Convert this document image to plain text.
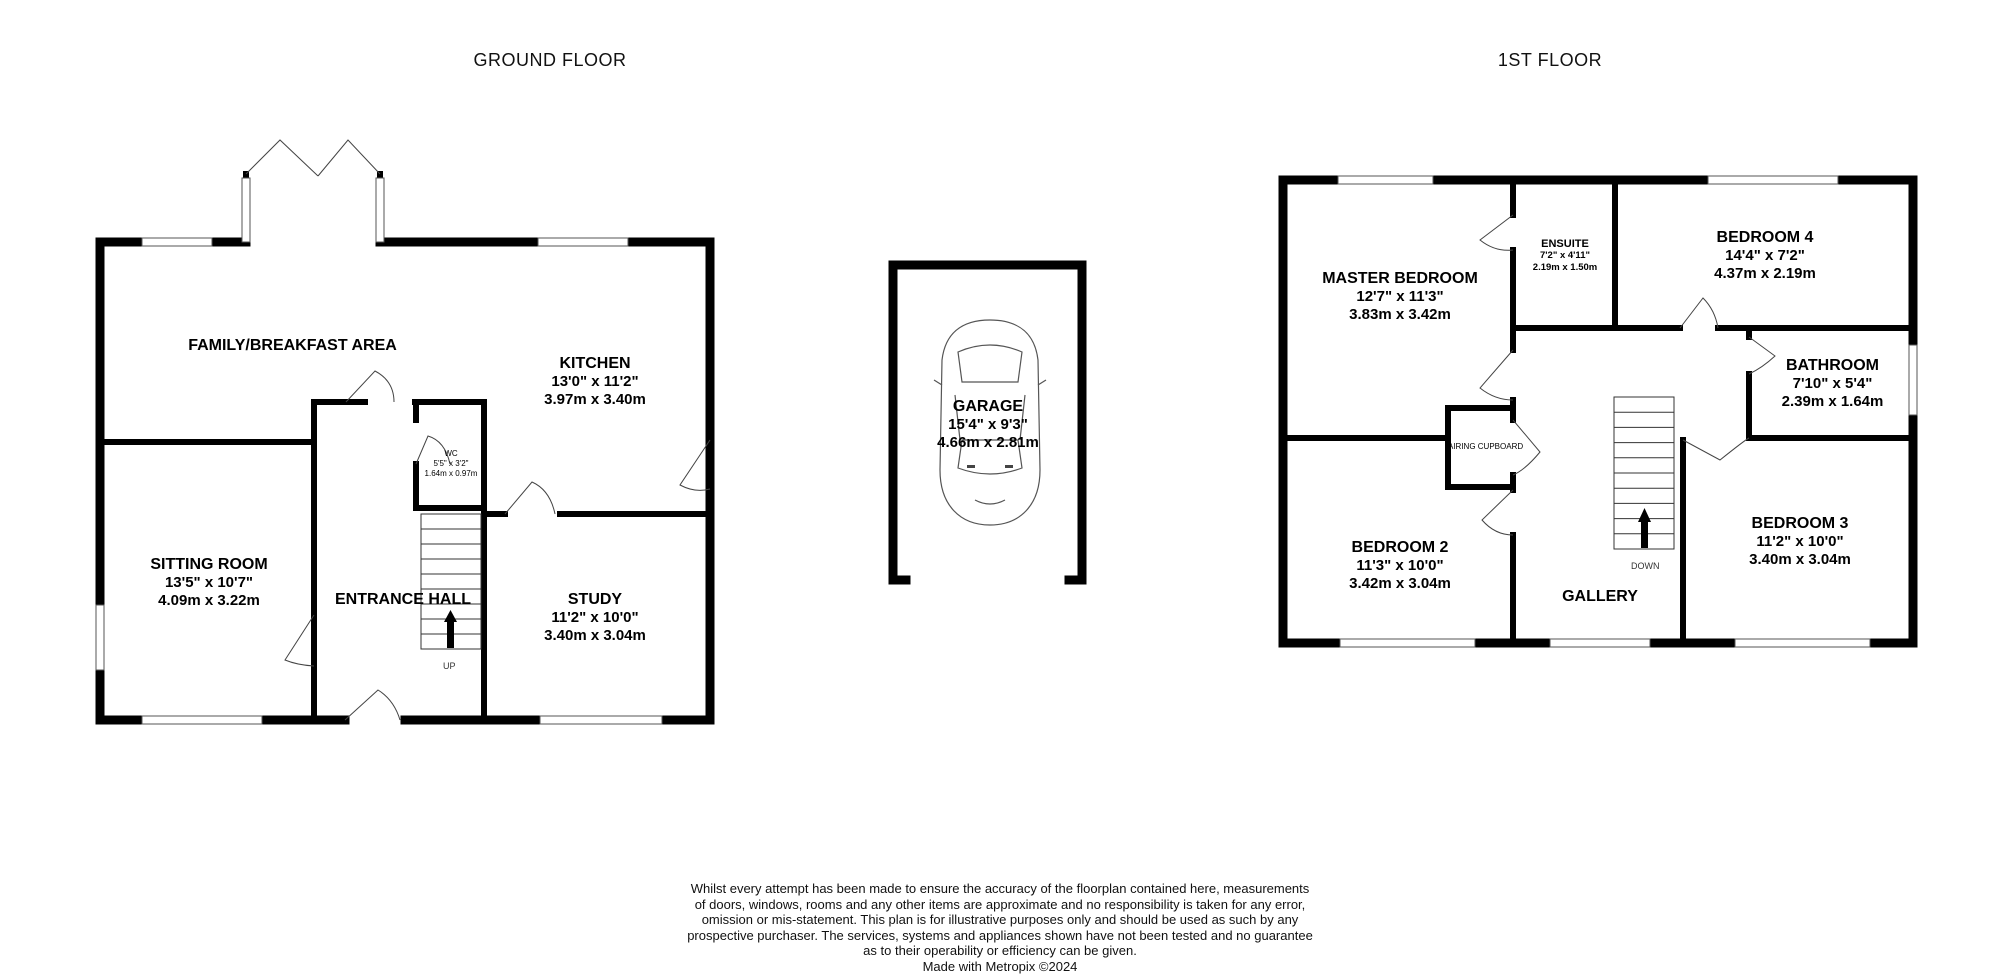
GROUND FLOOR	1ST FLOOR
FAMILY/BREAKFAST AREA
KITCHEN
13'0" x 11'2"
3.97m x 3.40m
SITTING ROOM
13'5" x 10'7"
4.09m x 3.22m	ENTRANCE HALL
WC
5'5" x 3'2"
1.64m x 0.97m
STUDY
11'2" x 10'0"
3.40m x 3.04m
UP
GARAGE
15'4" x 9'3"
4.66m x 2.81m
MASTER BEDROOM
12'7" x 11'3"
3.83m x 3.42m
ENSUITE
7'2" x 4'11"
2.19m x 1.50m
BEDROOM 4
14'4" x 7'2"
4.37m x 2.19m
BATHROOM
7'10" x 5'4"
2.39m x 1.64m
AIRING CUPBOARD
BEDROOM 2
11'3" x 10'0"
3.42m x 3.04m
GALLERY
BEDROOM 3
11'2" x 10'0"
3.40m x 3.04m
DOWN
Whilst every attempt has been made to ensure the accuracy of the floorplan contained here, measurements
of doors, windows, rooms and any other items are approximate and no responsibility is taken for any error,
omission or mis-statement. This plan is for illustrative purposes only and should be used as such by any
prospective purchaser. The services, systems and appliances shown have not been tested and no guarantee
as to their operability or efficiency can be given.
Made with Metropix ©2024
